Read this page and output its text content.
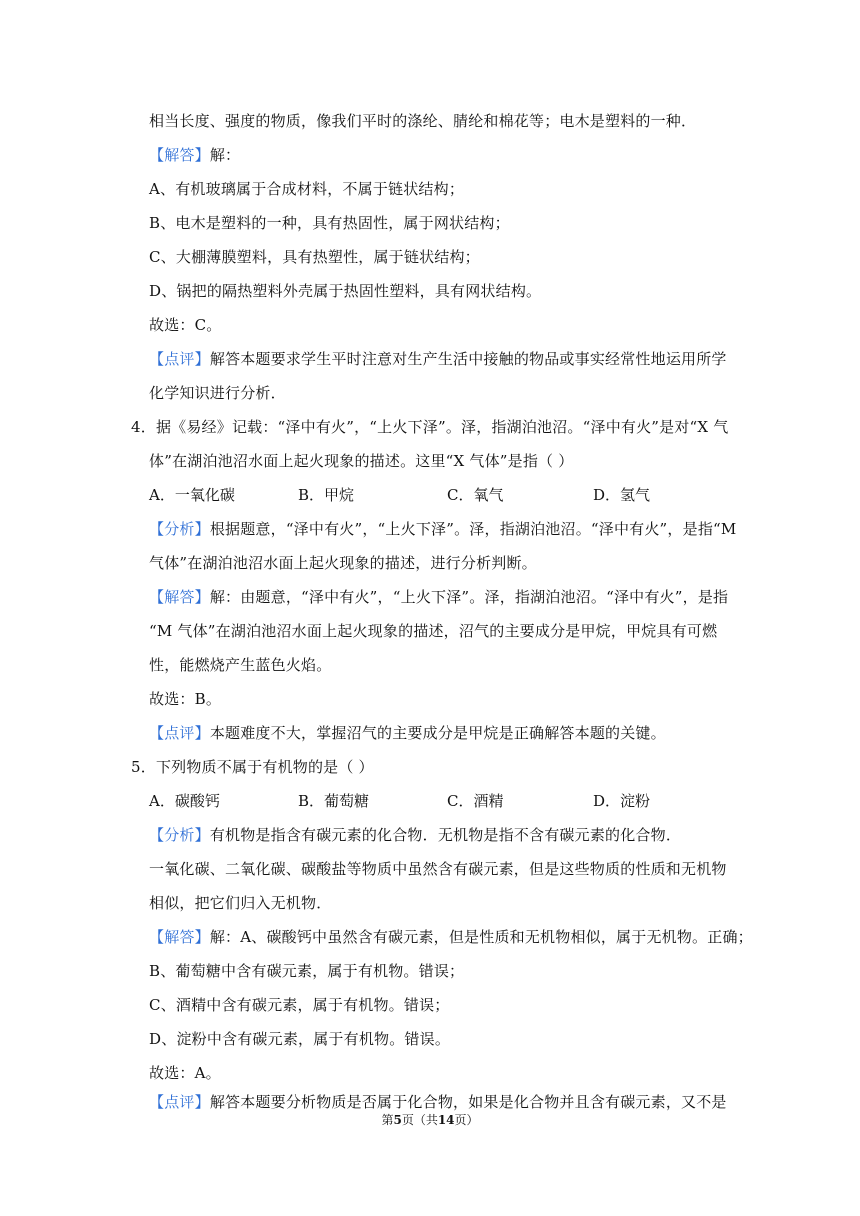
相当长度、强度的物质，像我们平时的涤纶、腈纶和棉花等；电木是塑料的一种．
【解答】解：
A、有机玻璃属于合成材料，不属于链状结构；
B、电木是塑料的一种，具有热固性，属于网状结构；
C、大棚薄膜塑料，具有热塑性，属于链状结构；
D、锅把的隔热塑料外壳属于热固性塑料，具有网状结构。
故选：C。
【点评】解答本题要求学生平时注意对生产生活中接触的物品或事实经常性地运用所学
化学知识进行分析．
4．据《易经》记载：“泽中有火”，“上火下泽”。泽，指湖泊池沼。“泽中有火”是对“X 气
体”在湖泊池沼水面上起火现象的描述。这里“X 气体”是指（ ）
A．一氧化碳	B．甲烷	C．氧气	D．氢气
【分析】根据题意，“泽中有火”，“上火下泽”。泽，指湖泊池沼。“泽中有火”，是指“M
气体”在湖泊池沼水面上起火现象的描述，进行分析判断。
【解答】解：由题意，“泽中有火”，“上火下泽”。泽，指湖泊池沼。“泽中有火”，是指
“M 气体”在湖泊池沼水面上起火现象的描述，沼气的主要成分是甲烷，甲烷具有可燃
性，能燃烧产生蓝色火焰。
故选：B。
【点评】本题难度不大，掌握沼气的主要成分是甲烷是正确解答本题的关键。
5．下列物质不属于有机物的是（ ）
A．碳酸钙	B．葡萄糖	C．酒精	D．淀粉
【分析】有机物是指含有碳元素的化合物．无机物是指不含有碳元素的化合物．
一氧化碳、二氧化碳、碳酸盐等物质中虽然含有碳元素，但是这些物质的性质和无机物
相似，把它们归入无机物．
【解答】解：A、碳酸钙中虽然含有碳元素，但是性质和无机物相似，属于无机物。正确；
B、葡萄糖中含有碳元素，属于有机物。错误；
C、酒精中含有碳元素，属于有机物。错误；
D、淀粉中含有碳元素，属于有机物。错误。
故选：A。
【点评】解答本题要分析物质是否属于化合物，如果是化合物并且含有碳元素，又不是
第5页（共14页）
